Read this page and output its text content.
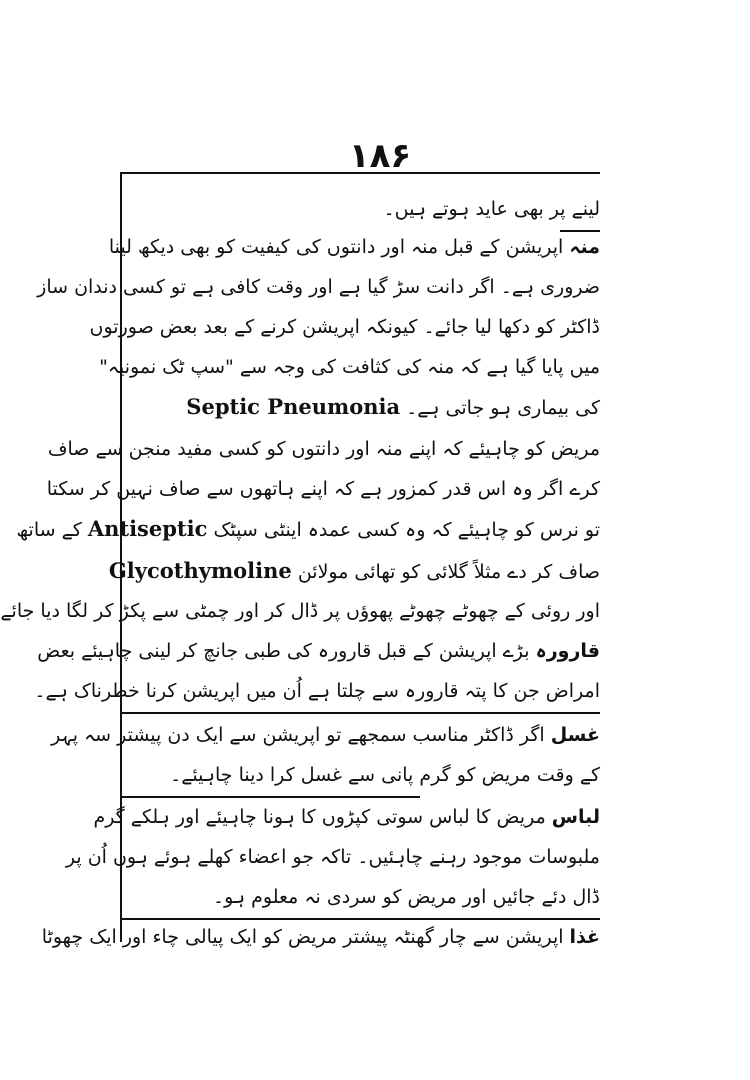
۱۸۶
لینے پر بھی عاید ہوتے ہیں۔
منہاپریشن کے قبل منہ اور دانتوں کی کیفیت کو بھی دیکھ لینا
ضروری ہے۔ اگر دانت سڑ گیا ہے اور وقت کافی ہے تو کسی دندان ساز
ڈاکٹر کو دکھا لیا جائے۔ کیونکہ اپریشن کرنے کے بعد بعض صورتوں
میں پایا گیا ہے کہ منہ کی کثافت کی وجہ سے "سپ ٹک نمونیہ"
کی بیماری ہو جاتی ہے۔ Septic Pneumonia
مریض کو چاہیئے کہ اپنے منہ اور دانتوں کو کسی مفید منجن سے صاف
کرے اگر وہ اس قدر کمزور ہے کہ اپنے ہاتھوں سے صاف نہیں کر سکتا
تو نرس کو چاہیئے کہ وہ کسی عمدہ اینٹی سپٹک Antiseptic کے ساتھ
صاف کر دے مثلاً گلائی کو تھائی مولائن Glycothymoline
اور روئی کے چھوٹے چھوٹے پھوؤں پر ڈال کر اور چمٹی سے پکڑ کر لگا دیا جائے
قارورہبڑے اپریشن کے قبل قارورہ کی طبی جانچ کر لینی چاہیئے بعض
امراض جن کا پتہ قارورہ سے چلتا ہے اُن میں اپریشن کرنا خطرناک ہے۔
غسلاگر ڈاکٹر مناسب سمجھے تو اپریشن سے ایک دن پیشتر سہ پہر
کے وقت مریض کو گرم پانی سے غسل کرا دینا چاہیئے۔
لباسمریض کا لباس سوتی کپڑوں کا ہونا چاہیئے اور ہلکے گرم
ملبوسات موجود رہنے چاہئیں۔ تاکہ جو اعضاء کھلے ہوئے ہوں اُن پر
ڈال دئے جائیں اور مریض کو سردی نہ معلوم ہو۔
غذااپریشن سے چار گھنٹہ پیشتر مریض کو ایک پیالی چاء اور ایک چھوٹا
